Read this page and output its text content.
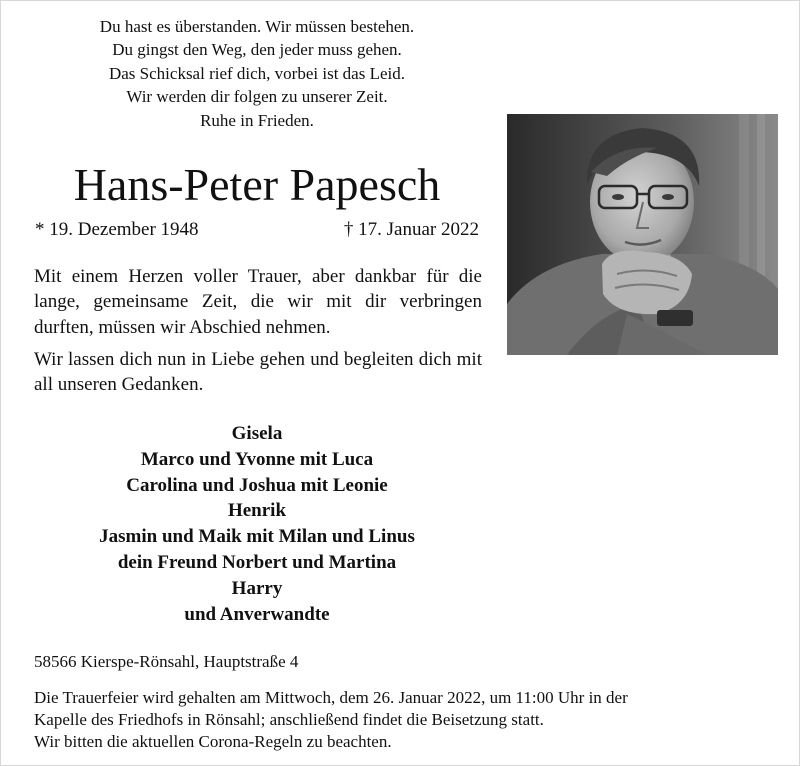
Du hast es überstanden. Wir müssen bestehen.
Du gingst den Weg, den jeder muss gehen.
Das Schicksal rief dich, vorbei ist das Leid.
Wir werden dir folgen zu unserer Zeit.
Ruhe in Frieden.
Hans-Peter Papesch
* 19. Dezember 1948	† 17. Januar 2022
Mit einem Herzen voller Trauer, aber dankbar für die lange, gemeinsame Zeit, die wir mit dir verbringen durften, müssen wir Abschied nehmen.
Wir lassen dich nun in Liebe gehen und begleiten dich mit all unseren Gedanken.
Gisela
Marco und Yvonne mit Luca
Carolina und Joshua mit Leonie
Henrik
Jasmin und Maik mit Milan und Linus
dein Freund Norbert und Martina
Harry
und Anverwandte
58566 Kierspe-Rönsahl, Hauptstraße 4
Die Trauerfeier wird gehalten am Mittwoch, dem 26. Januar 2022, um 11:00 Uhr in der
Kapelle des Friedhofs in Rönsahl; anschließend findet die Beisetzung statt.
Wir bitten die aktuellen Corona-Regeln zu beachten.
